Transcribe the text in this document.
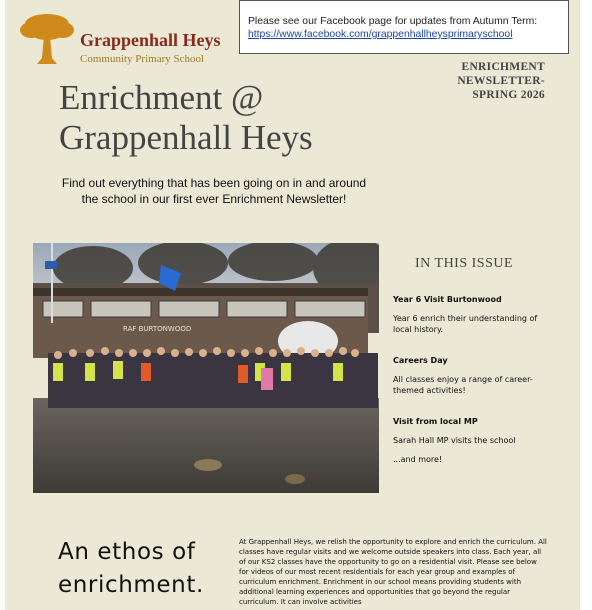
Grappenhall Heys
Community Primary School
Please see our Facebook page for updates from Autumn Term:
https://www.facebook.com/grappenhallheysprimaryschool
ENRICHMENT
NEWSLETTER-
SPRING 2026
Enrichment @
Grappenhall Heys
Find out everything that has been going on in and around the school in our first ever Enrichment Newsletter!
RAF BURTONWOOD
IN THIS ISSUE
Year 6 Visit Burtonwood
Year 6 enrich their understanding of local history.
Careers Day
All classes enjoy a range of career-themed activities!
Visit from local MP
Sarah Hall MP visits the school
...and more!
An ethos of
enrichment.
At Grappenhall Heys, we relish the opportunity to explore and enrich the curriculum. All classes have regular visits and we welcome outside speakers into class. Each year, all of our KS2 classes have the opportunity to go on a residential visit. Please see below for videos of our most recent residentials for each year group and examples of curriculum enrichment. Enrichment in our school means providing students with additional learning experiences and opportunities that go beyond the regular curriculum. It can involve activities
